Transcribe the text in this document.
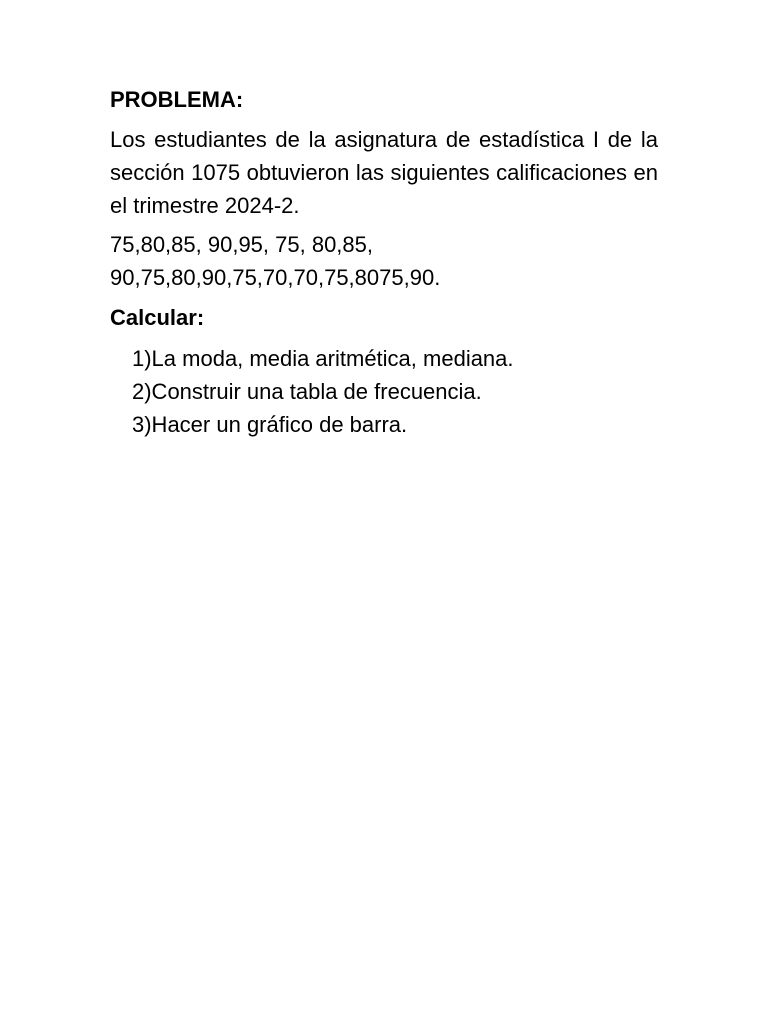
PROBLEMA:

Los estudiantes de la asignatura de estadística I de la sección 1075 obtuvieron las siguientes calificaciones en el trimestre 2024-2.

75,80,85, 90,95, 75, 80,85,
90,75,80,90,75,70,70,75,8075,90.

Calcular:

1)La moda, media aritmética, mediana.
2)Construir una tabla de frecuencia.
3)Hacer un gráfico de barra.
